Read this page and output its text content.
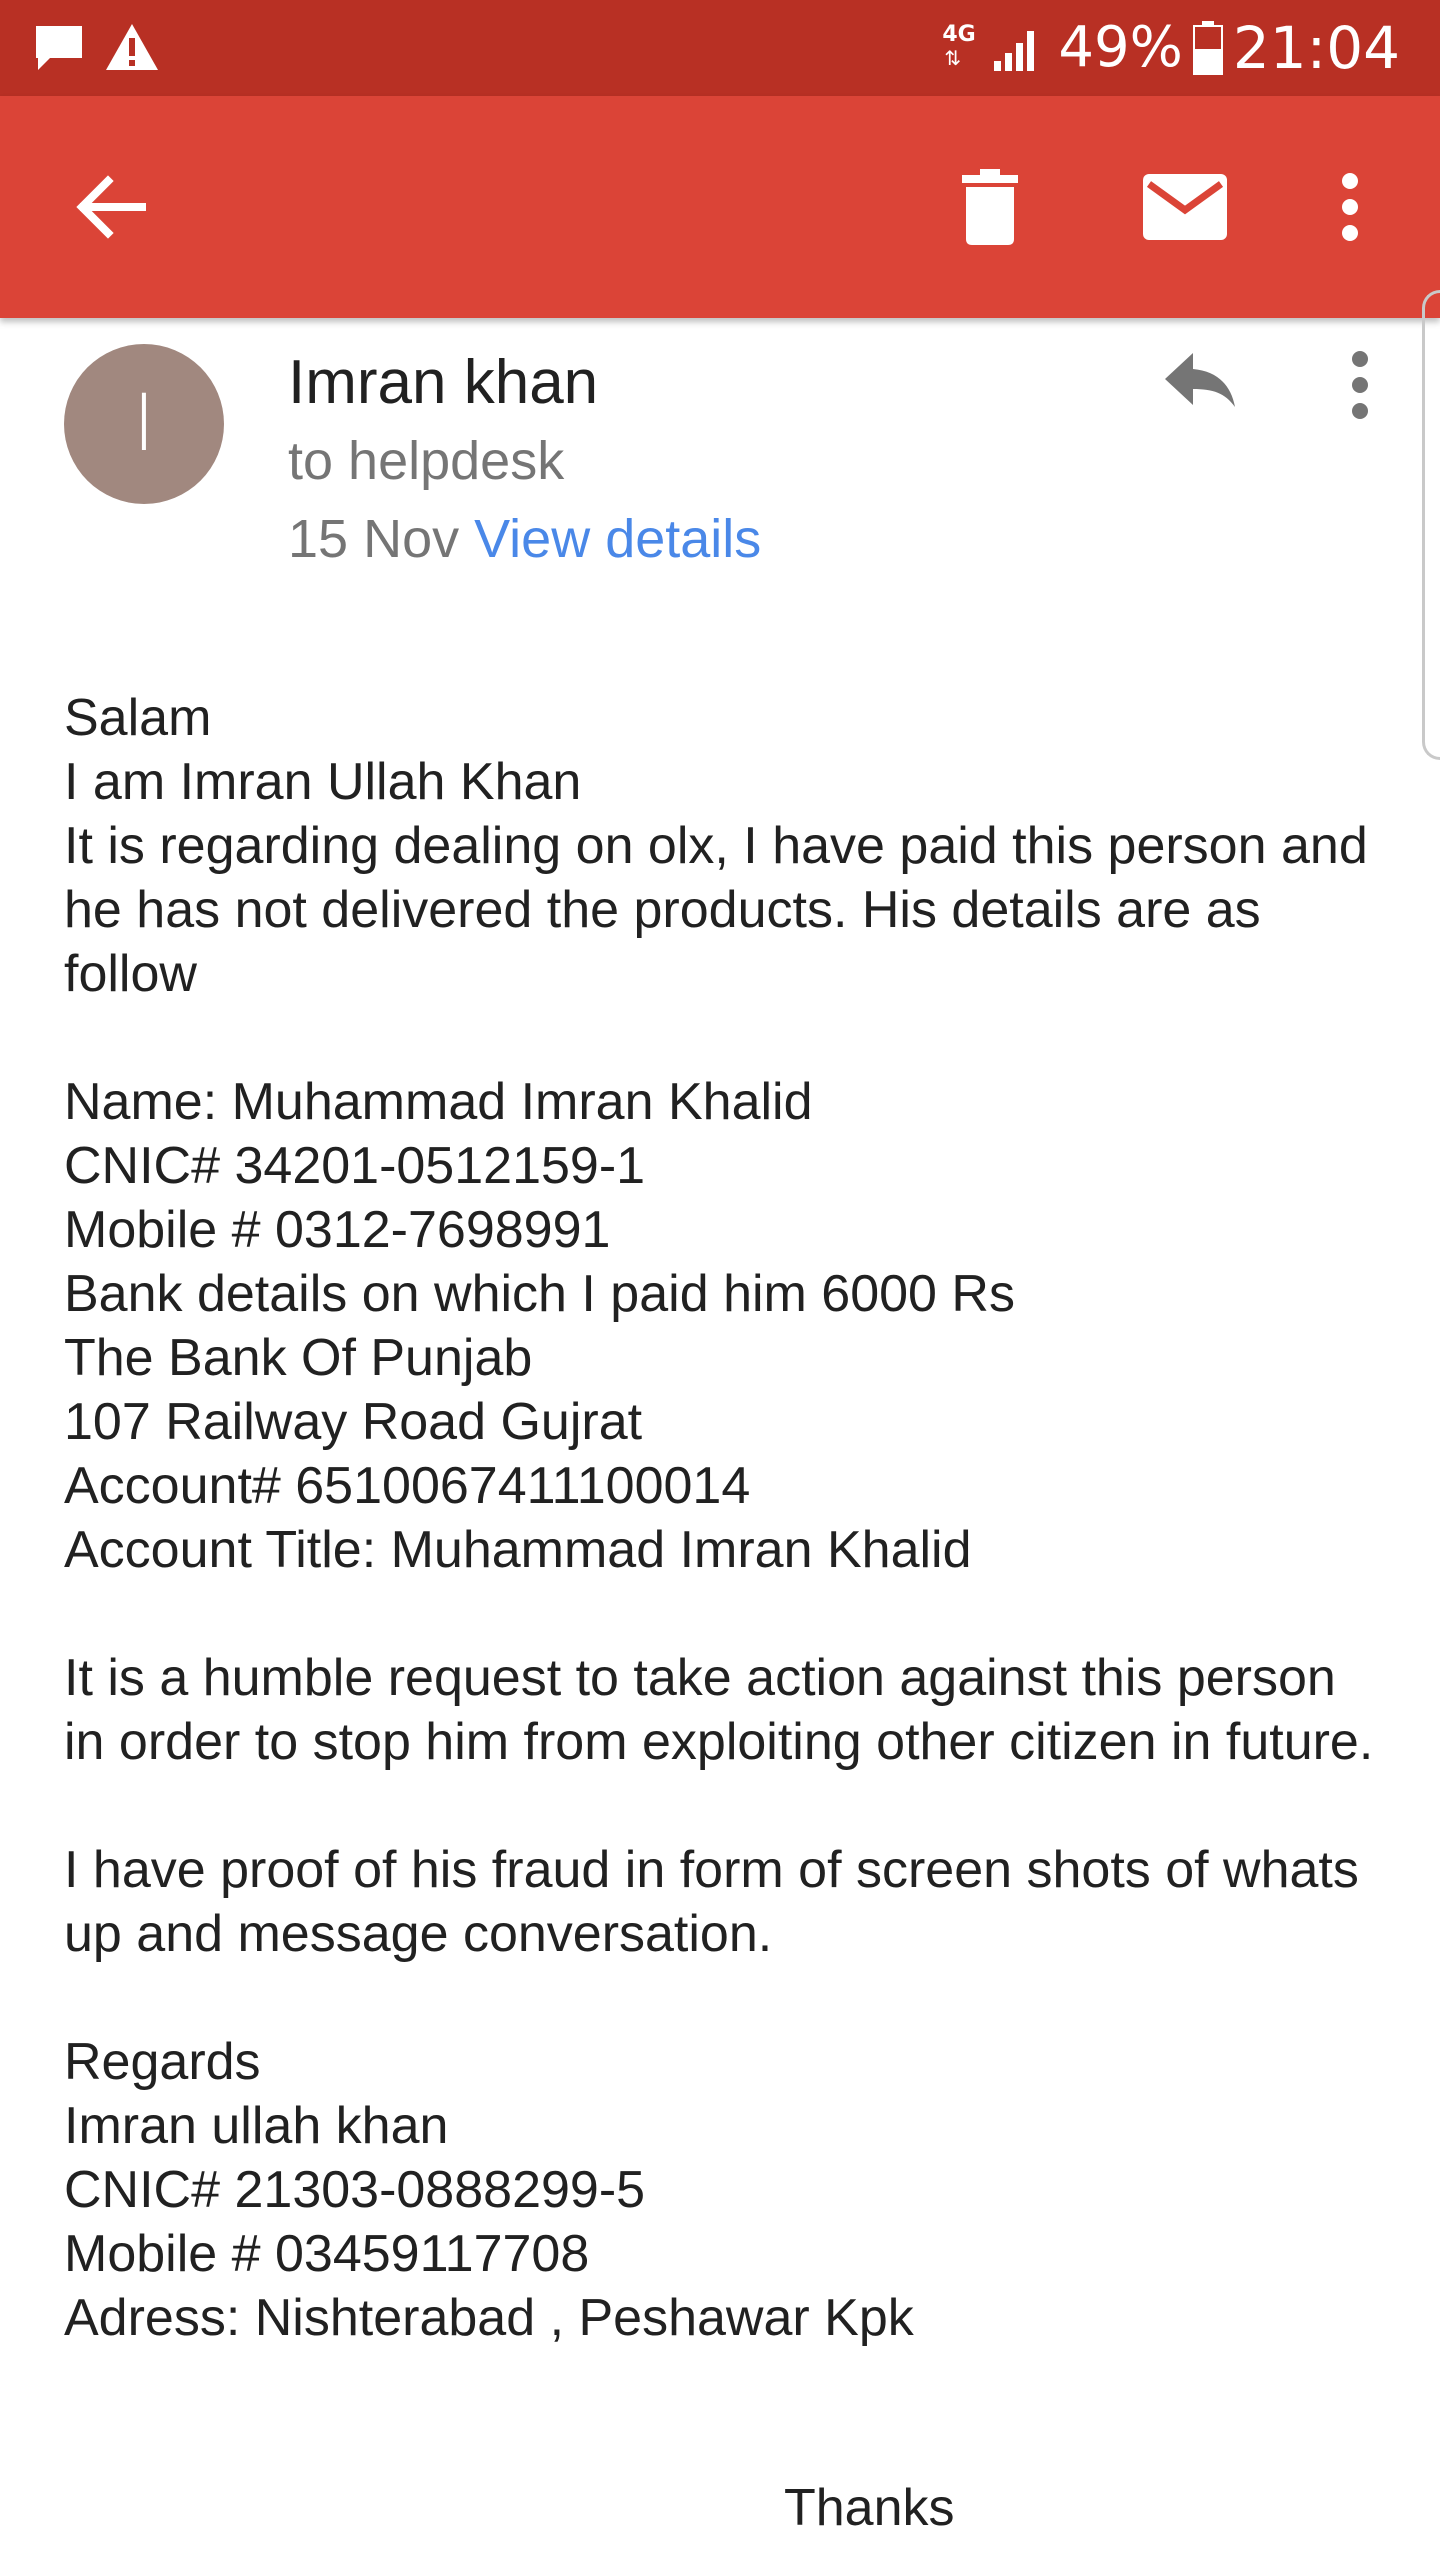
4G
⇅ 49% 21:04
I	Imran khan
to helpdesk
15 Nov View details

Salam
I am Imran Ullah Khan
It is regarding dealing on olx, I have paid this person and he has not delivered the products. His details are as follow

Name: Muhammad Imran Khalid
CNIC# 34201-0512159-1
Mobile # 0312-7698991
Bank details on which I paid him 6000 Rs
The Bank Of Punjab
107 Railway Road Gujrat
Account# 6510067411100014
Account Title: Muhammad Imran Khalid

It is a humble request to take action against this person in order to stop him from exploiting other citizen in future.

I have proof of his fraud in form of screen shots of whats up and message conversation.

Regards
Imran ullah khan
CNIC# 21303-0888299-5
Mobile # 03459117708
Adress: Nishterabad , Peshawar Kpk

Thanks
